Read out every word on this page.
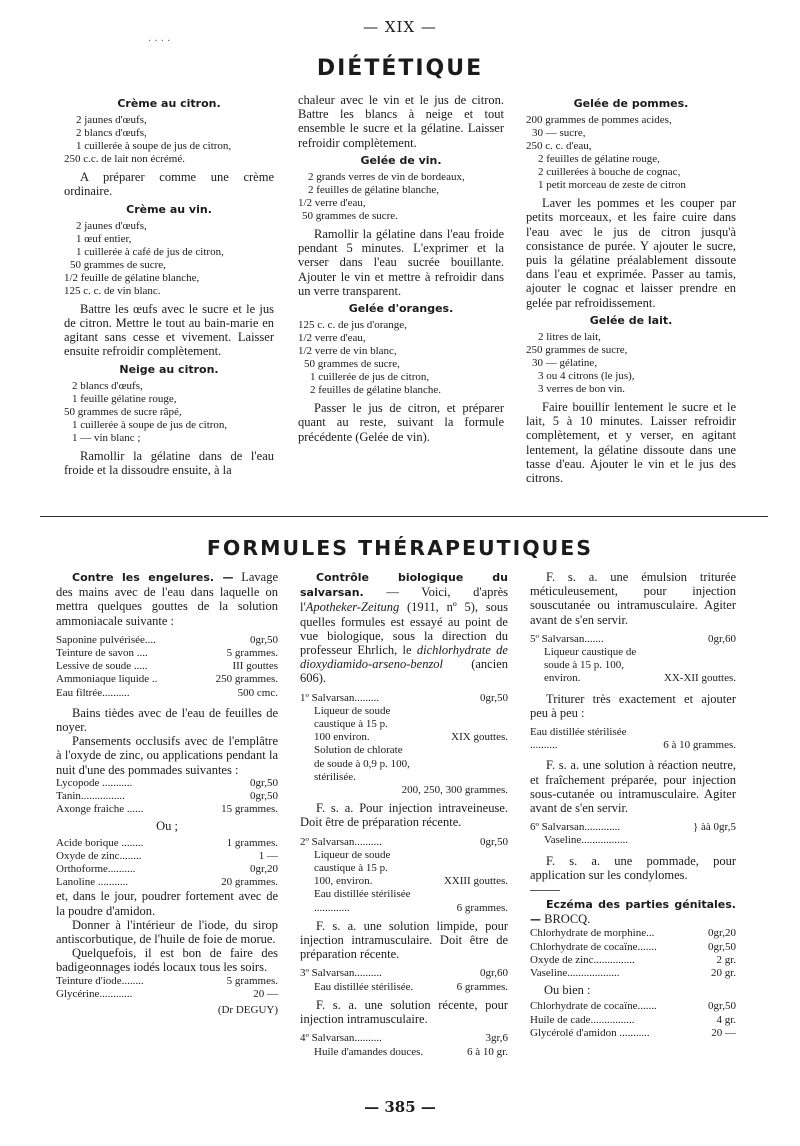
— XIX —
· · · ·
DIÉTÉTIQUE
Crème au citron.
2 jaunes d'œufs,
2 blancs d'œufs,
1 cuillerée à soupe de jus de citron,
250 c.c. de lait non écrémé.

A préparer comme une crème ordinaire.

Crème au vin.
2 jaunes d'œufs,
1 œuf entier,
1 cuillerée à café de jus de citron,
50 grammes de sucre,
1/2 feuille de gélatine blanche,
125 c. c. de vin blanc.

Battre les œufs avec le sucre et le jus de citron. Mettre le tout au bain-marie en agitant sans cesse et vivement. Laisser ensuite refroidir complètement.

Neige au citron.
2 blancs d'œufs,
1 feuille gélatine rouge,
50 grammes de sucre râpé,
1 cuillerée à soupe de jus de citron,
1 — vin blanc ;

Ramollir la gélatine dans de l'eau froide et la dissoudre ensuite, à la

chaleur avec le vin et le jus de citron. Battre les blancs à neige et tout ensemble le sucre et la gélatine. Laisser refroidir complètement.

Gelée de vin.
2 grands verres de vin de bordeaux,
2 feuilles de gélatine blanche,
1/2 verre d'eau,
50 grammes de sucre.

Ramollir la gélatine dans l'eau froide pendant 5 minutes. L'exprimer et la verser dans l'eau sucrée bouillante. Ajouter le vin et mettre à refroidir dans un verre transparent.

Gelée d'oranges.
125 c. c. de jus d'orange,
1/2 verre d'eau,
1/2 verre de vin blanc,
50 grammes de sucre,
1 cuillerée de jus de citron,
2 feuilles de gélatine blanche.

Passer le jus de citron, et préparer quant au reste, suivant la formule précédente (Gelée de vin).

Gelée de pommes.
200 grammes de pommes acides,
30 — sucre,
250 c. c. d'eau,
2 feuilles de gélatine rouge,
2 cuillerées à bouche de cognac,
1 petit morceau de zeste de citron

Laver les pommes et les couper par petits morceaux, et les faire cuire dans l'eau avec le jus de citron jusqu'à consistance de purée. Y ajouter le sucre, puis la gélatine préalablement dissoute dans l'eau et exprimée. Passer au tamis, ajouter le cognac et laisser prendre en gelée par refroidissement.

Gelée de lait.
2 litres de lait,
250 grammes de sucre,
30 — gélatine,
3 ou 4 citrons (le jus),
3 verres de bon vin.

Faire bouillir lentement le sucre et le lait, 5 à 10 minutes. Laisser refroidir complètement, et y verser, en agitant lentement, la gélatine dissoute dans une tasse d'eau. Ajouter le vin et le jus des citrons.

FORMULES THÉRAPEUTIQUES

Contre les engelures. — Lavage des mains avec de l'eau dans laquelle on mettra quelques gouttes de la solution ammoniacale suivante :

Saponine pulvérisée....	0gr,50
Teinture de savon ....	5 grammes.
Lessive de soude .....	III gouttes
Ammoniaque liquide ..	250 grammes.
Eau filtrée..........	500 cmc.

Bains tièdes avec de l'eau de feuilles de noyer.

Pansements occlusifs avec de l'emplâtre à l'oxyde de zinc, ou applications pendant la nuit d'une des pommades suivantes :

Lycopode ...........	0gr,50
Tanin................	0gr,50
Axonge fraiche ......	15 grammes.
Ou ;
Acide borique ........	1 grammes.
Oxyde de zinc........	1 —
Orthoforme..........	0gr,20
Lanoline ...........	20 grammes.

et, dans le jour, poudrer fortement avec de la poudre d'amidon.

Donner à l'intérieur de l'iode, du sirop antiscorbutique, de l'huile de foie de morue.

Quelquefois, il est bon de faire des badigeonnages iodés locaux tous les soirs.

Teinture d'iode........	5 grammes.
Glycérine............	20 —
(Dr DEGUY)

Contrôle biologique du salvarsan. — Voici, d'après l'Apotheker-Zeitung (1911, nº 5), sous quelles formules est essayé au point de vue biologique, sous la direction du professeur Ehrlich, le dichlorhydrate de dioxydiamido-arseno-benzol (ancien 606).

1º Salvarsan.........	0gr,50
Liqueur de soude caustique à 15 p. 100 environ.	XIX gouttes.
Solution de chlorate de soude à 0,9 p. 100, stérilisée.
200, 250, 300 grammes.

F. s. a. Pour injection intraveineuse. Doit être de préparation récente.

2º Salvarsan..........	0gr,50
Liqueur de soude caustique à 15 p. 100, environ.	XXIII gouttes.
Eau distillée stérilisée .............	6 grammes.

F. s. a. une solution limpide, pour injection intramusculaire. Doit être de préparation récente.

3º Salvarsan..........	0gr,60
Eau distillée stérilisée.	6 grammes.

F. s. a. une solution récente, pour injection intramusculaire.

4º Salvarsan..........	3gr,6
Huile d'amandes douces.	6 à 10 gr.

F. s. a. une émulsion triturée méticuleusement, pour injection souscutanée ou intramusculaire. Agiter avant de s'en servir.

5º Salvarsan.......	0gr,60
Liqueur caustique de soude à 15 p. 100, environ.	XX-XII gouttes.

Triturer très exactement et ajouter peu à peu :

Eau distillée stérilisée ..........	6 à 10 grammes.

F. s. a. une solution à réaction neutre, et fraîchement préparée, pour injection sous-cutanée ou intramusculaire. Agiter avant de s'en servir.

6º Salvarsan.............	} àà 0gr,5
Vaseline.................

F. s. a. une pommade, pour application sur les condylomes.

Eczéma des parties génitales. — BROCQ.

Chlorhydrate de morphine...	0gr,20
Chlorhydrate de cocaïne.......	0gr,50
Oxyde de zinc...............	2 gr.
Vaseline...................	20 gr.
Ou bien :
Chlorhydrate de cocaïne.......	0gr,50
Huile de cade................	4 gr.
Glycérolé d'amidon ...........	20 —
— 385 —
